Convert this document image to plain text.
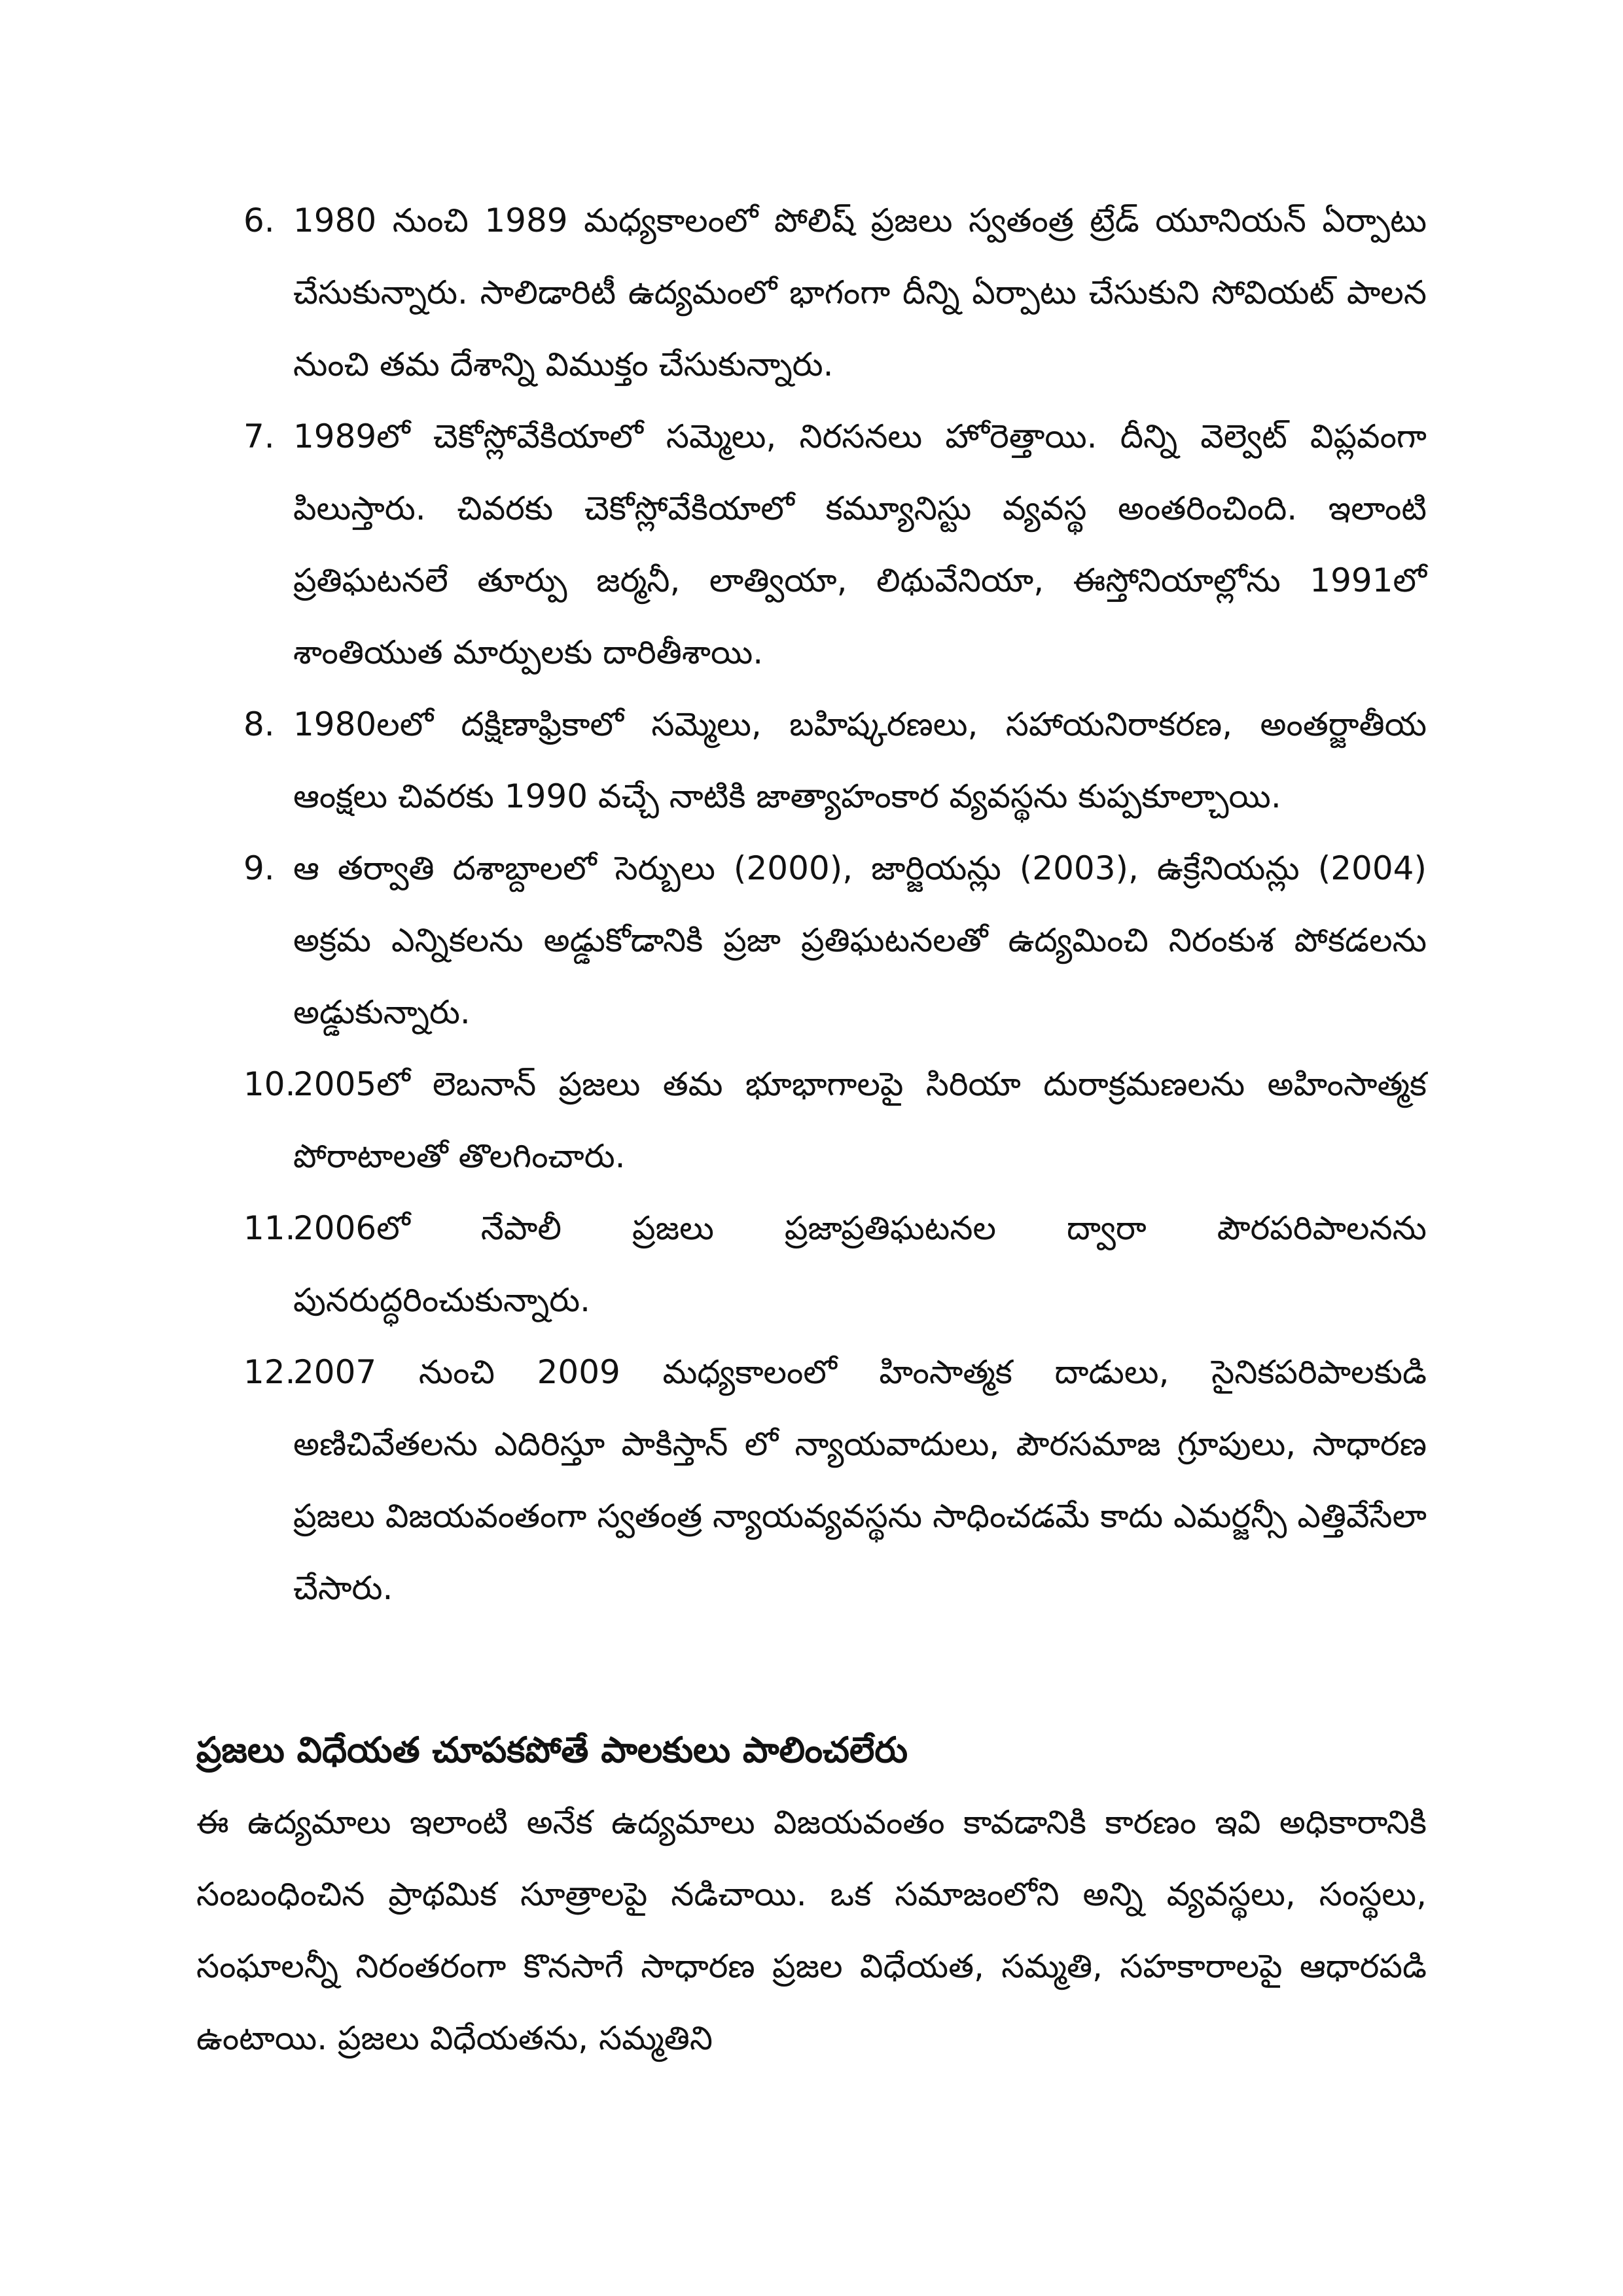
6. 1980 నుంచి 1989 మధ్యకాలంలో పోలిష్ ప్రజలు స్వతంత్ర ట్రేడ్ యూనియన్ ఏర్పాటు చేసుకున్నారు. సాలిడారిటీ ఉద్యమంలో భాగంగా దీన్ని ఏర్పాటు చేసుకుని సోవియట్ పాలన నుంచి తమ దేశాన్ని విముక్తం చేసుకున్నారు.
7. 1989లో చెకోస్లోవేకియాలో సమ్మెలు, నిరసనలు హోరెత్తాయి. దీన్ని వెల్వెట్ విప్లవంగా పిలుస్తారు. చివరకు చెకోస్లోవేకియాలో కమ్యూనిస్టు వ్యవస్థ అంతరించింది. ఇలాంటి ప్రతిఘటనలే తూర్పు జర్మనీ, లాత్వియా, లిథువేనియా, ఈస్తోనియాల్లోను 1991లో శాంతియుత మార్పులకు దారితీశాయి.
8. 1980లలో దక్షిణాఫ్రికాలో సమ్మెలు, బహిష్కరణలు, సహాయనిరాకరణ, అంతర్జాతీయ ఆంక్షలు చివరకు 1990 వచ్చే నాటికి జాత్యాహంకార వ్యవస్థను కుప్పకూల్చాయి.
9. ఆ తర్వాతి దశాబ్దాలలో సెర్బులు (2000), జార్జియన్లు (2003), ఉక్రేనియన్లు (2004) అక్రమ ఎన్నికలను అడ్డుకోడానికి ప్రజా ప్రతిఘటనలతో ఉద్యమించి నిరంకుశ పోకడలను అడ్డుకున్నారు.
10.
2005లో లెబనాన్ ప్రజలు తమ భూభాగాలపై సిరియా దురాక్రమణలను అహింసాత్మక పోరాటాలతో తొలగించారు.
11.
2006లో నేపాలీ ప్రజలు ప్రజాప్రతిఘటనల ద్వారా పౌరపరిపాలనను పునరుద్ధరించుకున్నారు.
12.
2007 నుంచి 2009 మధ్యకాలంలో హింసాత్మక దాడులు, సైనికపరిపాలకుడి అణిచివేతలను ఎదిరిస్తూ పాకిస్తాన్ లో న్యాయవాదులు, పౌరసమాజ గ్రూపులు, సాధారణ ప్రజలు విజయవంతంగా స్వతంత్ర న్యాయవ్యవస్థను సాధించడమే కాదు ఎమర్జన్సీ ఎత్తివేసేలా చేసారు.
ప్రజలు విధేయత చూపకపోతే పాలకులు పాలించలేరు

ఈ ఉద్యమాలు ఇలాంటి అనేక ఉద్యమాలు విజయవంతం కావడానికి కారణం ఇవి అధికారానికి సంబంధించిన ప్రాథమిక సూత్రాలపై నడిచాయి. ఒక సమాజంలోని అన్ని వ్యవస్థలు, సంస్థలు, సంఘాలన్నీ నిరంతరంగా కొనసాగే సాధారణ ప్రజల విధేయత, సమ్మతి, సహకారాలపై ఆధారపడి ఉంటాయి. ప్రజలు విధేయతను, సమ్మతిని
